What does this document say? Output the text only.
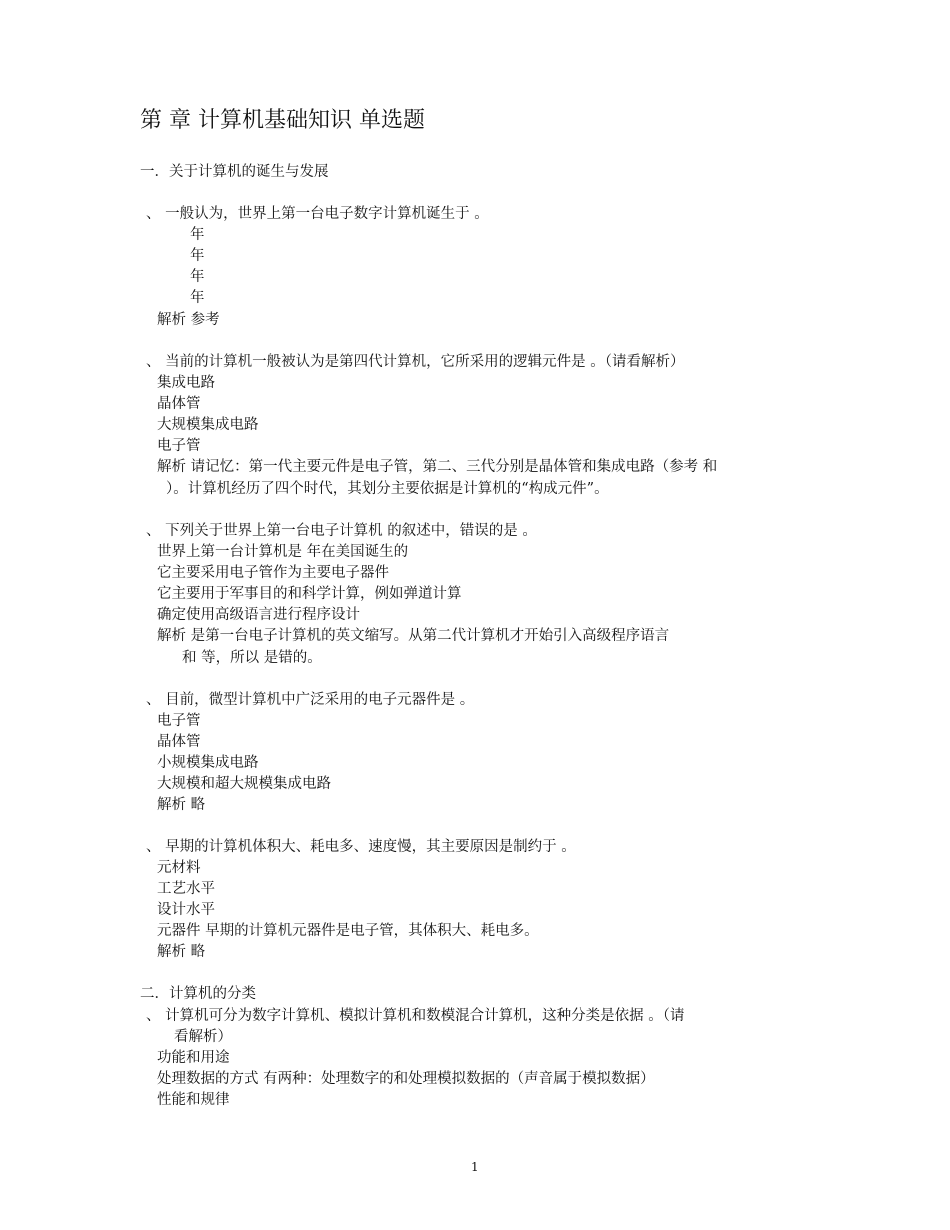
第 章 计算机基础知识 单选题
一．关于计算机的诞生与发展
、 一般认为，世界上第一台电子数字计算机诞生于 。
年
年
年
年
解析 参考
、 当前的计算机一般被认为是第四代计算机，它所采用的逻辑元件是 。（请看解析）
集成电路
晶体管
大规模集成电路
电子管
解析 请记忆：第一代主要元件是电子管，第二、三代分别是晶体管和集成电路（参考 和
）。计算机经历了四个时代，其划分主要依据是计算机的“构成元件”。
、 下列关于世界上第一台电子计算机 的叙述中，错误的是 。
世界上第一台计算机是 年在美国诞生的
它主要采用电子管作为主要电子器件
它主要用于军事目的和科学计算，例如弹道计算
确定使用高级语言进行程序设计
解析 是第一台电子计算机的英文缩写。从第二代计算机才开始引入高级程序语言
和 等，所以 是错的。
、 目前，微型计算机中广泛采用的电子元器件是 。
电子管
晶体管
小规模集成电路
大规模和超大规模集成电路
解析 略
、 早期的计算机体积大、耗电多、速度慢，其主要原因是制约于 。
元材料
工艺水平
设计水平
元器件 早期的计算机元器件是电子管，其体积大、耗电多。
解析 略
二．计算机的分类
、 计算机可分为数字计算机、模拟计算机和数模混合计算机，这种分类是依据 。（请
看解析）
功能和用途
处理数据的方式 有两种：处理数字的和处理模拟数据的（声音属于模拟数据）
性能和规律
1
